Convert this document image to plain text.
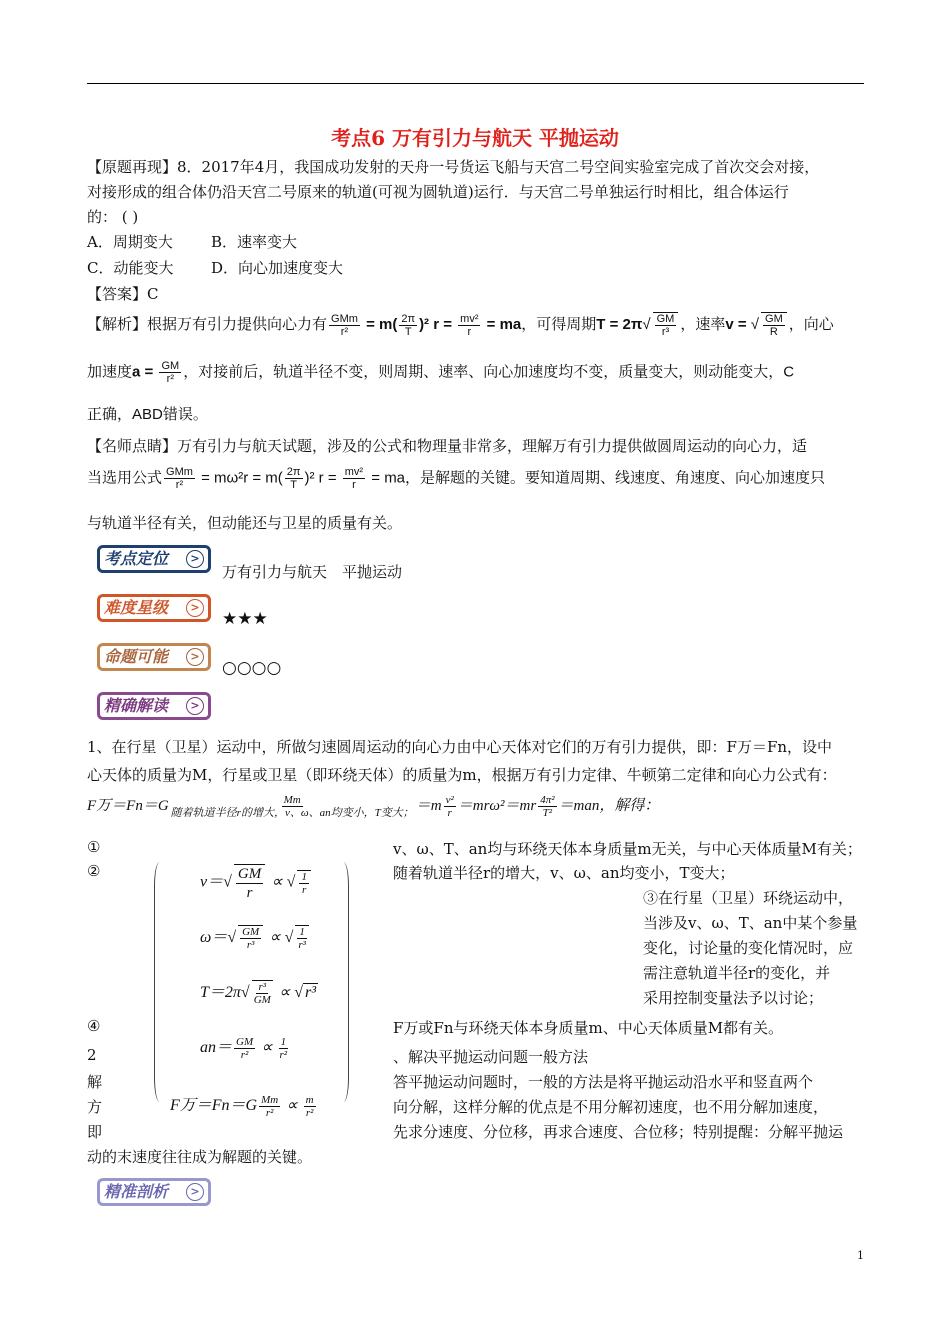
考点6 万有引力与航天 平抛运动
【原题再现】8．2017年4月，我国成功发射的天舟一号货运飞船与天宫二号空间实验室完成了首次交会对接，
对接形成的组合体仍沿天宫二号原来的轨道(可视为圆轨道)运行．与天宫二号单独运行时相比，组合体运行
的： ( )
A．周期变大	B．速率变大
C．动能变大	D．向心加速度变大
【答案】C
【解析】根据万有引力提供向心力有 GMm
$r^2 = m( \frac{2\pi}{T} )^2$ $r = \frac{\text{mv²}}{r}$ = ma，可得周期$T = 2\pi√ \frac{GM}{\text{r³}}$ ，速率v = √ $\frac{GM}{R}$ ，向心
加速度$a = \frac{GM}{\text{r²}}$ ，对接前后，轨道半径不变，则周期、速率、向心加速度均不变，质量变大，则动能变大，C
正确，ABD错误。
【名师点睛】万有引力与航天试题，涉及的公式和物理量非常多，理解万有引力提供做圆周运动的向心力，适
当选用公式 GMm
$r^2 = m\omega^2r = m( \frac{2\pi}{T} )^2$ $r = \frac{\text{mv²}}{r}$ = ma，是解题的关键。要知道周期、线速度、角速度、向心加速度只
与轨道半径有关，但动能还与卫星的质量有关。
考点定位	>
万有引力与航天　平抛运动
难度星级	>
★★★
命题可能	>
○○○○
精确解读	>
1、在行星（卫星）运动中，所做匀速圆周运动的向心力由中心天体对它们的万有引力提供，即：F万＝Fn，设中
心天体的质量为M，行星或卫星（即环绕天体）的质量为m，根据万有引力定律、牛顿第二定律和向心力公式有：
F万＝Fn＝G	Mm
随着轨道半径r的增大，v、ω、an均变小，T变大； $=m \frac{\text{v²}}{r} =mr\omega^2=mr \frac{\text{4π²}}{\text{T²}} =man$，解得：
①
②
④
2
解
方
即
$v=√ \frac{GM}{r}$ ∝ √ $\frac{1}{r}$
$\omega=√ \frac{GM}{\text{r³}}$ ∝ √ $\frac{1}{\text{r³}}$
$T=2\pi√ \frac{\text{r³}}{GM}$ ∝ √ r³
$an= \frac{GM}{\text{r²}} \propto \frac{1}{\text{r²}}$
F万$=Fn=G \frac{Mm}{\text{r²}} \propto \frac{m}{\text{r²}}$
v、ω、T、an均与环绕天体本身质量m无关，与中心天体质量M有关；
随着轨道半径r的增大，v、ω、an均变小，T变大；
③在行星（卫星）环绕运动中，
当涉及v、ω、T、an中某个参量
变化，讨论量的变化情况时，应
需注意轨道半径r的变化，并
采用控制变量法予以讨论；
F万或Fn与环绕天体本身质量m、中心天体质量M都有关。
、解决平抛运动问题一般方法
答平抛运动问题时，一般的方法是将平抛运动沿水平和竖直两个
向分解，这样分解的优点是不用分解初速度，也不用分解加速度，
先求分速度、分位移，再求合速度、合位移；特别提醒：分解平抛运
动的末速度往往成为解题的关键。
精准剖析	>
1
